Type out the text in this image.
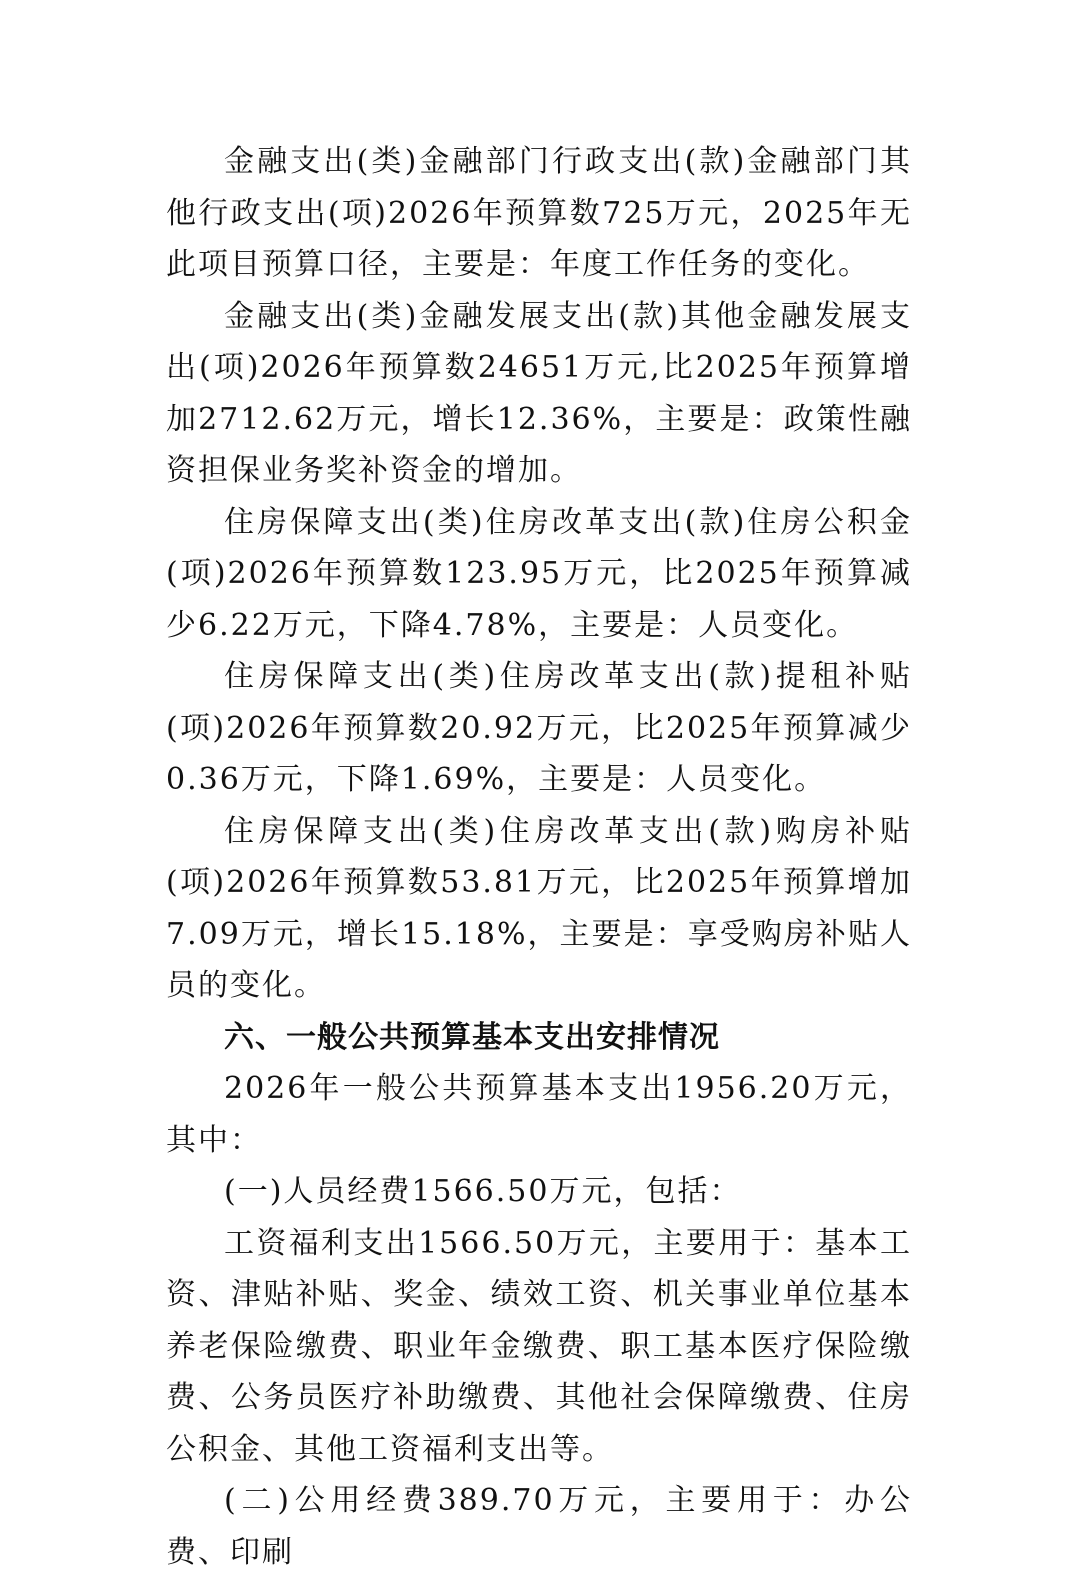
金融支出(类)金融部门行政支出(款)金融部门其他行政支出(项)2026年预算数725万元，2025年无此项目预算口径，主要是：年度工作任务的变化。

金融支出(类)金融发展支出(款)其他金融发展支出(项)2026年预算数24651万元,比2025年预算增加2712.62万元，增长12.36%，主要是：政策性融资担保业务奖补资金的增加。

住房保障支出(类)住房改革支出(款)住房公积金(项)2026年预算数123.95万元，比2025年预算减少6.22万元，下降4.78%，主要是：人员变化。

住房保障支出(类)住房改革支出(款)提租补贴(项)2026年预算数20.92万元，比2025年预算减少0.36万元，下降1.69%，主要是：人员变化。

住房保障支出(类)住房改革支出(款)购房补贴(项)2026年预算数53.81万元，比2025年预算增加7.09万元，增长15.18%，主要是：享受购房补贴人员的变化。

六、一般公共预算基本支出安排情况

2026年一般公共预算基本支出1956.20万元，其中：

(一)人员经费1566.50万元，包括：

工资福利支出1566.50万元，主要用于：基本工资、津贴补贴、奖金、绩效工资、机关事业单位基本养老保险缴费、职业年金缴费、职工基本医疗保险缴费、公务员医疗补助缴费、其他社会保障缴费、住房公积金、其他工资福利支出等。

(二)公用经费389.70万元，主要用于：办公费、印刷
